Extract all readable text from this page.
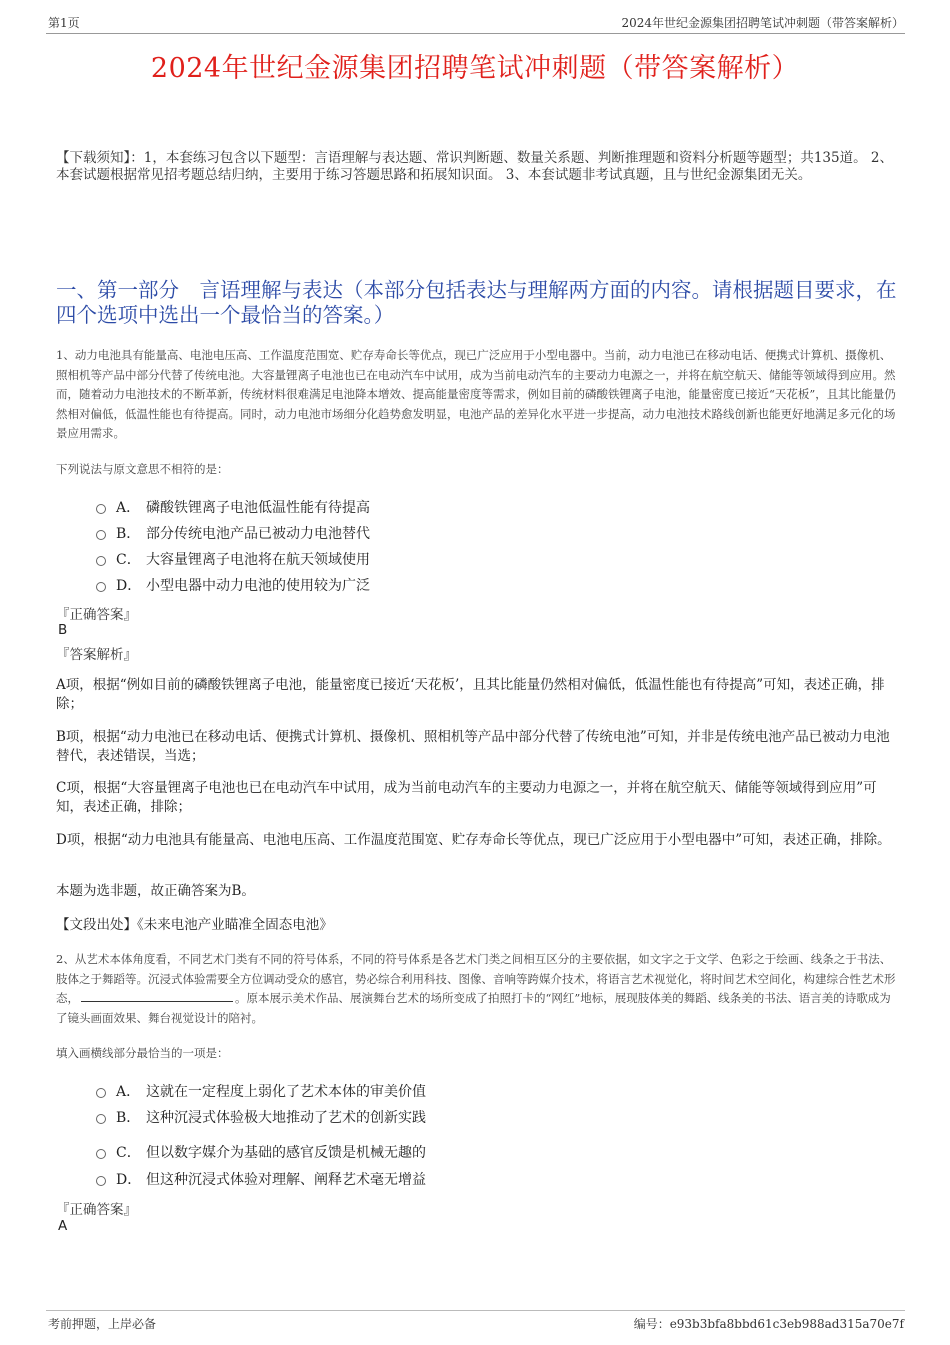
第1页	2024年世纪金源集团招聘笔试冲刺题（带答案解析）
2024年世纪金源集团招聘笔试冲刺题（带答案解析）
【下载须知】：1，本套练习包含以下题型：言语理解与表达题、常识判断题、数量关系题、判断推理题和资料分析题等题型；共135道。 2、本套试题根据常见招考题总结归纳，主要用于练习答题思路和拓展知识面。 3、本套试题非考试真题，且与世纪金源集团无关。
一、第一部分　言语理解与表达（本部分包括表达与理解两方面的内容。请根据题目要求，在四个选项中选出一个最恰当的答案。）
1、动力电池具有能量高、电池电压高、工作温度范围宽、贮存寿命长等优点，现已广泛应用于小型电器中。当前，动力电池已在移动电话、便携式计算机、摄像机、照相机等产品中部分代替了传统电池。大容量锂离子电池也已在电动汽车中试用，成为当前电动汽车的主要动力电源之一，并将在航空航天、储能等领域得到应用。然而，随着动力电池技术的不断革新，传统材料很难满足电池降本增效、提高能量密度等需求，例如目前的磷酸铁锂离子电池，能量密度已接近“天花板”，且其比能量仍然相对偏低，低温性能也有待提高。同时，动力电池市场细分化趋势愈发明显，电池产品的差异化水平进一步提高，动力电池技术路线创新也能更好地满足多元化的场景应用需求。
下列说法与原文意思不相符的是：
A． 磷酸铁锂离子电池低温性能有待提高
B． 部分传统电池产品已被动力电池替代
C． 大容量锂离子电池将在航天领域使用
D． 小型电器中动力电池的使用较为广泛
『正确答案』
B
『答案解析』
A项，根据“例如目前的磷酸铁锂离子电池，能量密度已接近‘天花板’，且其比能量仍然相对偏低，低温性能也有待提高”可知，表述正确，排除；
B项，根据“动力电池已在移动电话、便携式计算机、摄像机、照相机等产品中部分代替了传统电池”可知，并非是传统电池产品已被动力电池替代，表述错误，当选；
C项，根据“大容量锂离子电池也已在电动汽车中试用，成为当前电动汽车的主要动力电源之一，并将在航空航天、储能等领域得到应用”可知，表述正确，排除；
D项，根据“动力电池具有能量高、电池电压高、工作温度范围宽、贮存寿命长等优点，现已广泛应用于小型电器中”可知，表述正确，排除。
本题为选非题，故正确答案为B。
【文段出处】《未来电池产业瞄准全固态电池》
2、从艺术本体角度看，不同艺术门类有不同的符号体系，不同的符号体系是各艺术门类之间相互区分的主要依据，如文字之于文学、色彩之于绘画、线条之于书法、肢体之于舞蹈等。沉浸式体验需要全方位调动受众的感官，势必综合利用科技、图像、音响等跨媒介技术，将语言艺术视觉化，将时间艺术空间化，构建综合性艺术形态，	。原本展示美术作品、展演舞台艺术的场所变成了拍照打卡的“网红”地标，展现肢体美的舞蹈、线条美的书法、语言美的诗歌成为了镜头画面效果、舞台视觉设计的陪衬。
填入画横线部分最恰当的一项是：
A． 这就在一定程度上弱化了艺术本体的审美价值
B． 这种沉浸式体验极大地推动了艺术的创新实践
C． 但以数字媒介为基础的感官反馈是机械无趣的
D． 但这种沉浸式体验对理解、阐释艺术毫无增益
『正确答案』
A
考前押题，上岸必备	编号：e93b3bfa8bbd61c3eb988ad315a70e7f
